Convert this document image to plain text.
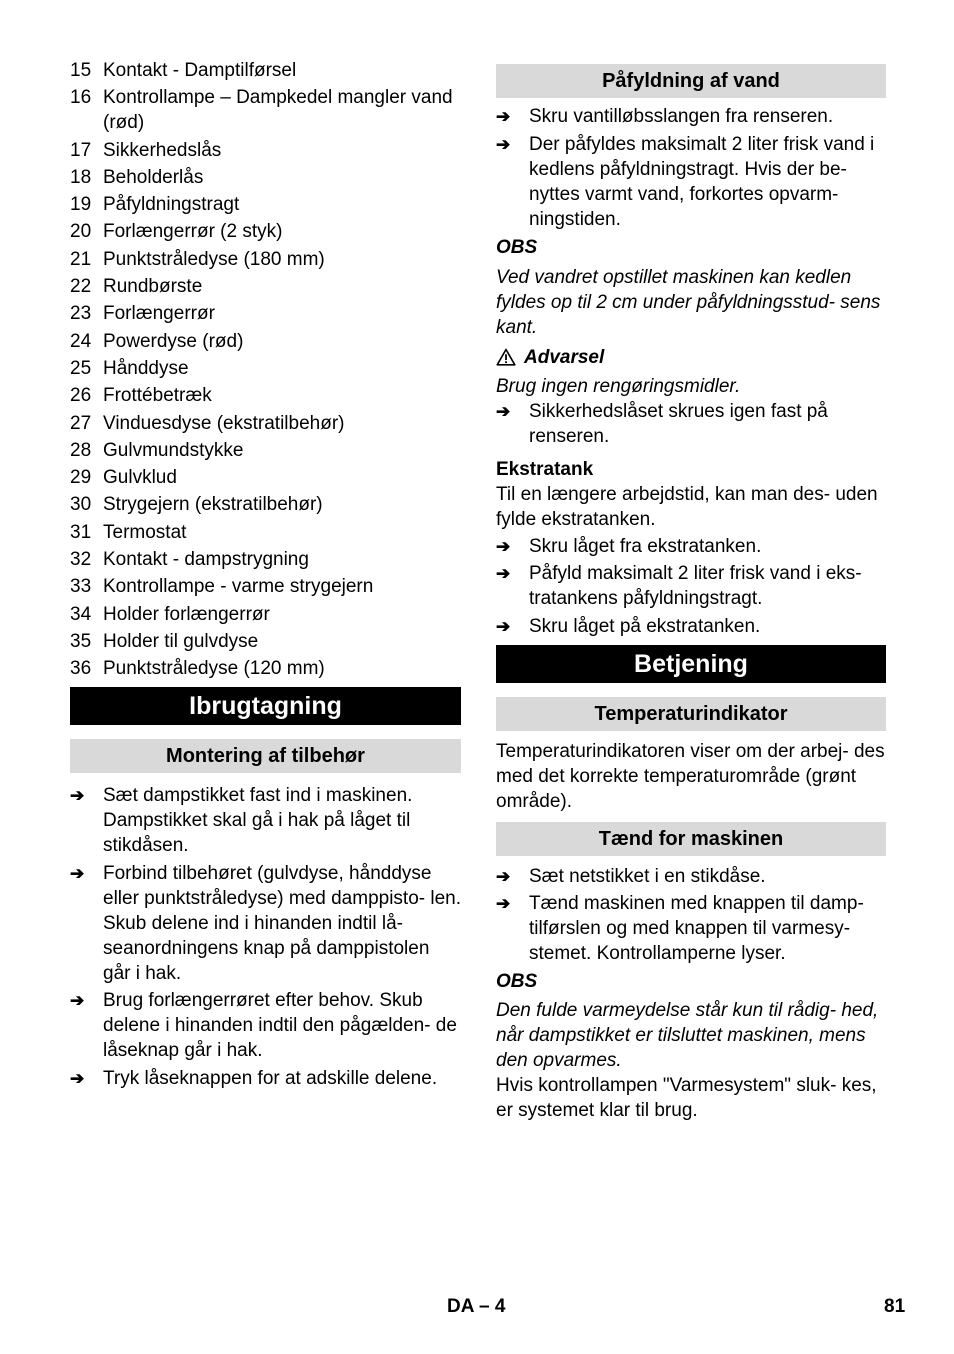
15 Kontakt - Damptilførsel
16 Kontrollampe – Dampkedel mangler vand (rød)
17 Sikkerhedslås
18 Beholderlås
19 Påfyldningstragt
20 Forlængerrør (2 styk)
21 Punktstråledyse (180 mm)
22 Rundbørste
23 Forlængerrør
24 Powerdyse (rød)
25 Hånddyse
26 Frottébetræk
27 Vinduesdyse (ekstratilbehør)
28 Gulvmundstykke
29 Gulvklud
30 Strygejern (ekstratilbehør)
31 Termostat
32 Kontakt - dampstrygning
33 Kontrollampe - varme strygejern
34 Holder forlængerrør
35 Holder til gulvdyse
36 Punktstråledyse (120 mm)
Ibrugtagning
Montering af tilbehør
➔ Sæt dampstikket fast ind i maskinen. Dampstikket skal gå i hak på låget til stikdåsen.
➔ Forbind tilbehøret (gulvdyse, hånddyse eller punktstråledyse) med damppisto- len. Skub delene ind i hinanden indtil lå- seanordningens knap på damppistolen går i hak.
➔ Brug forlængerrøret efter behov. Skub delene i hinanden indtil den pågælden- de låseknap går i hak.
➔ Tryk låseknappen for at adskille delene.
Påfyldning af vand
➔ Skru vantilløbsslangen fra renseren.
➔ Der påfyldes maksimalt 2 liter frisk vand i kedlens påfyldningstragt. Hvis der be- nyttes varmt vand, forkortes opvarm- ningstiden.

OBS

Ved vandret opstillet maskinen kan kedlen fyldes op til 2 cm under påfyldningsstud- sens kant.

Advarsel

Brug ingen rengøringsmidler.

➔ Sikkerhedslåset skrues igen fast på renseren.

Ekstratank

Til en længere arbejdstid, kan man des- uden fylde ekstratanken.

➔ Skru låget fra ekstratanken.
➔ Påfyld maksimalt 2 liter frisk vand i eks- tratankens påfyldningstragt.
➔ Skru låget på ekstratanken.
Betjening
Temperaturindikator

Temperaturindikatoren viser om der arbej- des med det korrekte temperaturområde (grønt område).

Tænd for maskinen
➔ Sæt netstikket i en stikdåse.
➔ Tænd maskinen med knappen til damp- tilførslen og med knappen til varmesy- stemet. Kontrollamperne lyser.

OBS

Den fulde varmeydelse står kun til rådig- hed, når dampstikket er tilsluttet maskinen, mens den opvarmes.

Hvis kontrollampen "Varmesystem" sluk- kes, er systemet klar til brug.

DA – 4	81
